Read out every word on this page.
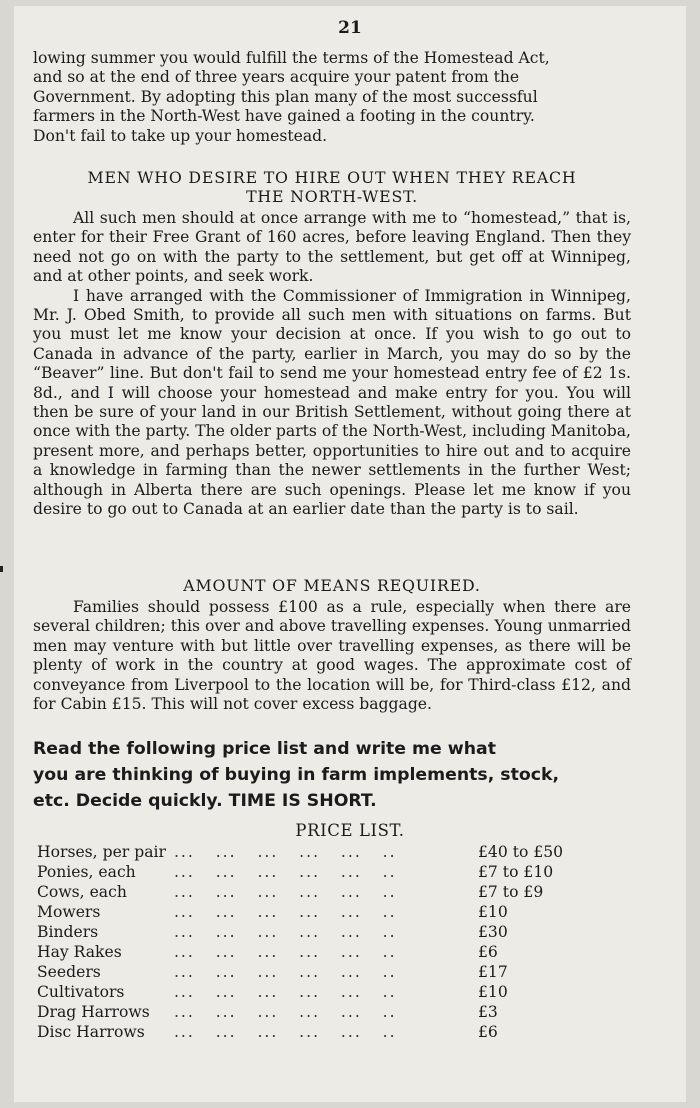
21

lowing summer you would fulfill the terms of the Homestead Act,

and so at the end of three years acquire your patent from the

Government. By adopting this plan many of the most successful

farmers in the North-West have gained a footing in the country.

Don't fail to take up your homestead.

MEN WHO DESIRE TO HIRE OUT WHEN THEY REACH
THE NORTH-WEST.

All such men should at once arrange with me to “homestead,” that is, enter for their Free Grant of 160 acres, before leaving England. Then they need not go on with the party to the settlement, but get off at Winnipeg, and at other points, and seek work.

I have arranged with the Commissioner of Immigration in Winnipeg, Mr. J. Obed Smith, to provide all such men with situations on farms. But you must let me know your decision at once. If you wish to go out to Canada in advance of the party, earlier in March, you may do so by the “Beaver” line. But don't fail to send me your homestead entry fee of £2 1s. 8d., and I will choose your homestead and make entry for you. You will then be sure of your land in our British Settlement, without going there at once with the party. The older parts of the North-West, including Manitoba, present more, and perhaps better, opportunities to hire out and to acquire a knowledge in farming than the newer settlements in the further West; although in Alberta there are such openings. Please let me know if you desire to go out to Canada at an earlier date than the party is to sail.

AMOUNT OF MEANS REQUIRED.

Families should possess £100 as a rule, especially when there are several children; this over and above travelling expenses. Young unmarried men may venture with but little over travelling expenses, as there will be plenty of work in the country at good wages. The approximate cost of conveyance from Liverpool to the location will be, for Third-class £12, and for Cabin £15. This will not cover excess baggage.

Read the following price list and write me what
you are thinking of buying in farm implements, stock,
etc. Decide quickly. TIME IS SHORT.
PRICE LIST.
Horses, per pair ...   ...   ...   ...   ...   ..	£40 to £50
Ponies, each ...   ...   ...   ...   ...   ..	£7 to £10
Cows, each	...   ...   ...   ...   ...   ..	£7 to £9
Mowers	...   ...   ...   ...   ...   ..	£10
Binders	...   ...   ...   ...   ...   ..	£30
Hay Rakes	...   ...   ...   ...   ...   ..	£6
Seeders	...   ...   ...   ...   ...   ..	£17
Cultivators	...   ...   ...   ...   ...   ..	£10
Drag Harrows ...   ...   ...   ...   ...   ..	£3
Disc Harrows ...   ...   ...   ...   ...   ..	£6
